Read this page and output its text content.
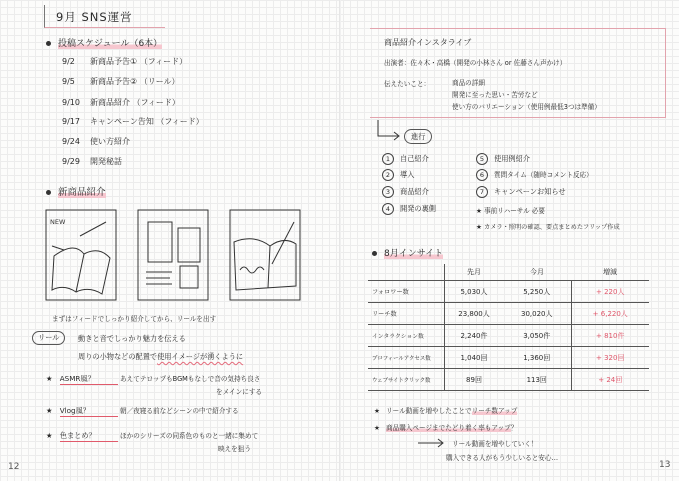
9月 SNS運営
投稿スケジュール（6本）
9/2 新商品予告① （フィード）
9/5 新商品予告② （リール）
9/10 新商品紹介 （フィード）
9/17 キャンペーン告知 （フィード）
9/24 使い方紹介
9/29 開発秘話
新商品紹介
NEW
まずはフィードでしっかり紹介してから、リールを出す
リール	動きと音でしっかり魅力を伝える
周りの小物などの配置で使用イメージが湧くように
★ ASMR風？	あえてテロップもBGMもなしで音の気持ち良さ
をメインにする
★ Vlog風？	朝／夜寝る前などシーンの中で紹介する
★ 色まとめ？	ほかのシリーズの同系色のものと一緒に集めて
映えを狙う
12
商品紹介インスタライブ
出演者：佐々木・高橋（開発の小林さん or 佐藤さん声かけ）
伝えたいこと：	商品の詳細
開発に至った思い・苦労など
使い方のバリエーション（使用例最低3つは準備）
進行
1 自己紹介
2 導入
3 商品紹介
4 開発の裏側
5 使用例紹介
6 質問タイム（随時コメント反応）
7 キャンペーンお知らせ
★ 事前リハーサル 必要
★ カメラ・照明の確認、要点まとめたフリップ作成
8月インサイト
	先月	今月	増減
フォロワー数	5,030人	5,250人	+ 220人
リーチ数	23,800人	30,020人	+ 6,220人
インタラクション数	2,240件	3,050件	+ 810件
プロフィールアクセス数	1,040回	1,360回	+ 320回
ウェブサイトクリック数	89回	113回	+ 24回
★ リール動画を増やしたことでリーチ数アップ
★ 商品購入ページまでたどり着く率もアップ？
リール動画を増やしていく！
購入できる人がもう少しいると安心…
13
